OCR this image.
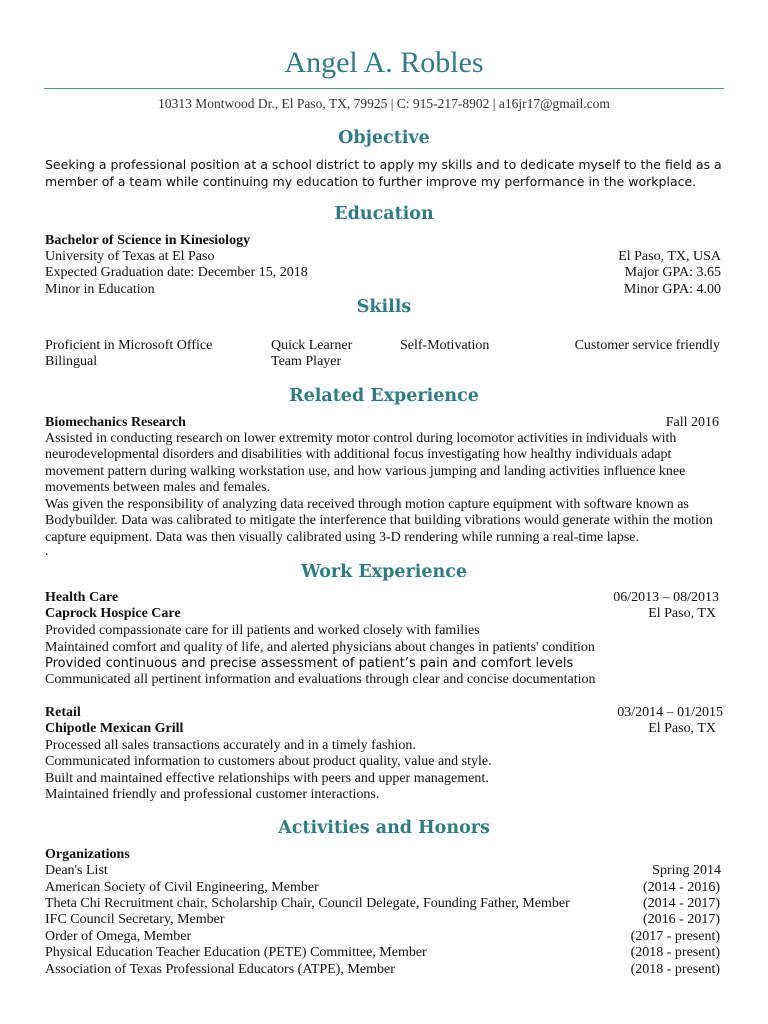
Angel A. Robles
10313 Montwood Dr., El Paso, TX, 79925 | C: 915-217-8902 | a16jr17@gmail.com
Objective
Seeking a professional position at a school district to apply my skills and to dedicate myself to the field as a
member of a team while continuing my education to further improve my performance in the workplace.
Education
Bachelor of Science in Kinesiology
University of Texas at El Paso	El Paso, TX, USA
Expected Graduation date: December 15, 2018	Major GPA: 3.65
Minor in Education	Minor GPA: 4.00
Skills
Proficient in Microsoft Office	Quick Learner	Self-Motivation	Customer service friendly
Bilingual	Team Player
Related Experience
Biomechanics Research	Fall 2016
Assisted in conducting research on lower extremity motor control during locomotor activities in individuals with
neurodevelopmental disorders and disabilities with additional focus investigating how healthy individuals adapt
movement pattern during walking workstation use, and how various jumping and landing activities influence knee
movements between males and females.
Was given the responsibility of analyzing data received through motion capture equipment with software known as
Bodybuilder. Data was calibrated to mitigate the interference that building vibrations would generate within the motion
capture equipment. Data was then visually calibrated using 3-D rendering while running a real-time lapse.
.
Work Experience
Health Care	06/2013 – 08/2013
Caprock Hospice Care	El Paso, TX
Provided compassionate care for ill patients and worked closely with families
Maintained comfort and quality of life, and alerted physicians about changes in patients' condition
Provided continuous and precise assessment of patient’s pain and comfort levels
Communicated all pertinent information and evaluations through clear and concise documentation
Retail	03/2014 – 01/2015
Chipotle Mexican Grill	El Paso, TX
Processed all sales transactions accurately and in a timely fashion.
Communicated information to customers about product quality, value and style.
Built and maintained effective relationships with peers and upper management.
Maintained friendly and professional customer interactions.
Activities and Honors
Organizations
Dean's List	Spring 2014
American Society of Civil Engineering, Member	(2014 - 2016)
Theta Chi Recruitment chair, Scholarship Chair, Council Delegate, Founding Father, Member	(2014 - 2017)
IFC Council Secretary, Member	(2016 - 2017)
Order of Omega, Member	(2017 - present)
Physical Education Teacher Education (PETE) Committee, Member	(2018 - present)
Association of Texas Professional Educators (ATPE), Member	(2018 - present)
